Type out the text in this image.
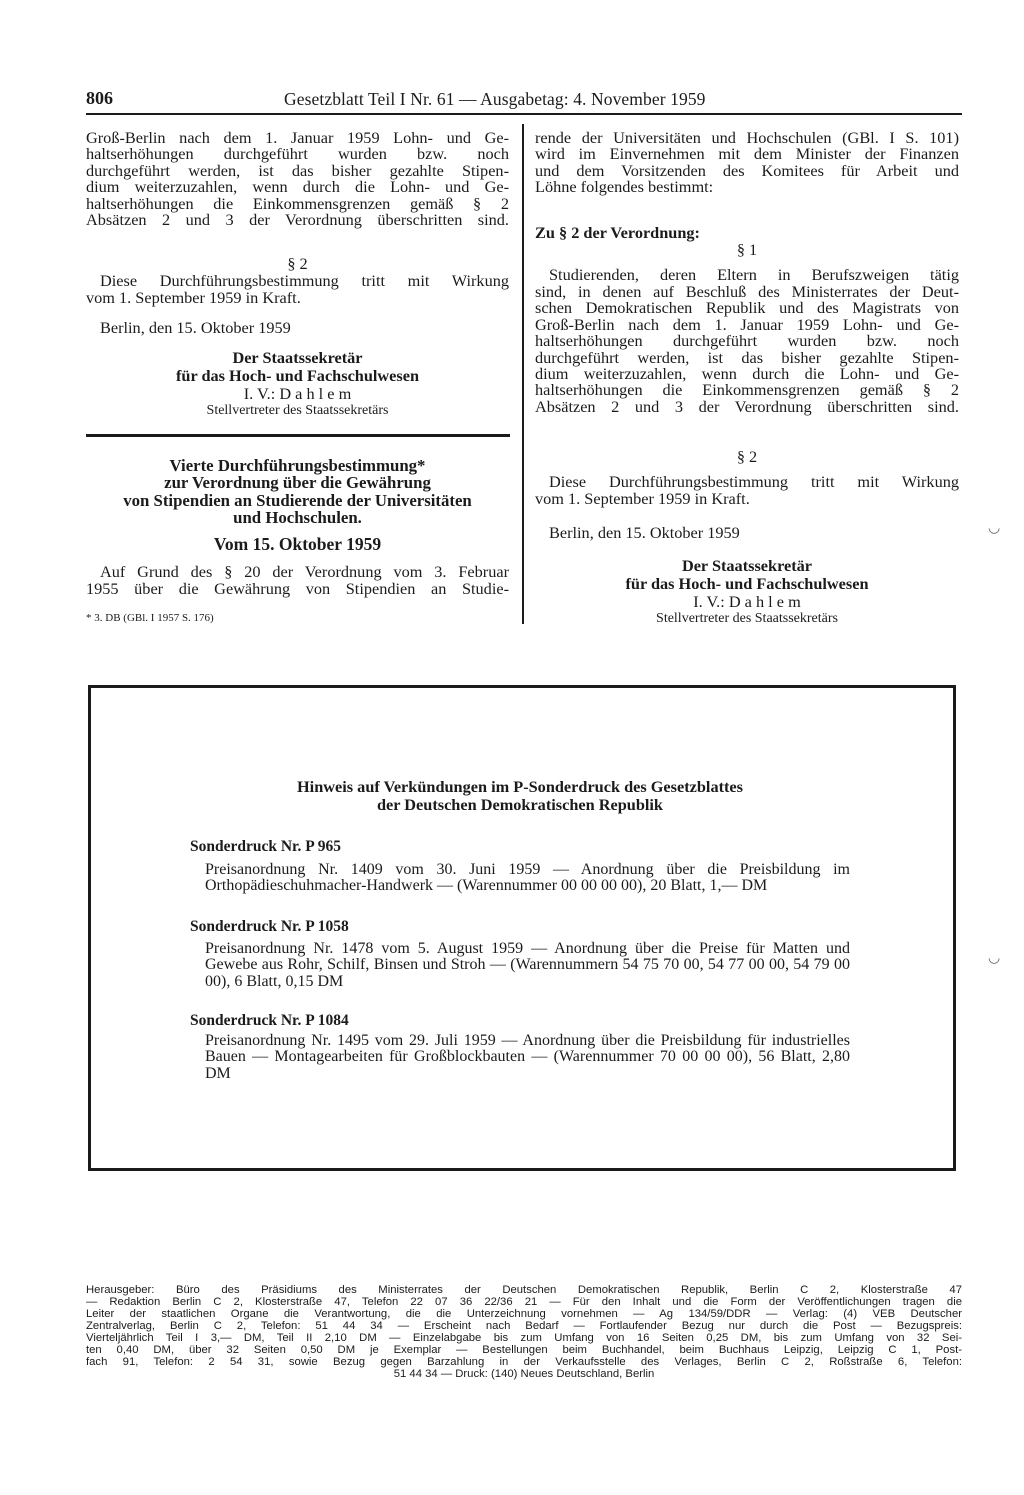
806	Gesetzblatt Teil I Nr. 61 — Ausgabetag: 4. November 1959

Groß-Berlin nach dem 1. Januar 1959 Lohn- und Ge-

haltserhöhungen durchgeführt wurden bzw. noch

durchgeführt werden, ist das bisher gezahlte Stipen-

dium weiterzuzahlen, wenn durch die Lohn- und Ge-

haltserhöhungen die Einkommensgrenzen gemäß § 2

Absätzen 2 und 3 der Verordnung überschritten sind.

§ 2

Diese Durchführungsbestimmung tritt mit Wirkung

vom 1. September 1959 in Kraft.

Berlin, den 15. Oktober 1959
Der Staatssekretär
für das Hoch- und Fachschulwesen
I. V.: D a h l e m
Stellvertreter des Staatssekretärs

Vierte Durchführungsbestimmung*

zur Verordnung über die Gewährung

von Stipendien an Studierende der Universitäten

und Hochschulen.

Vom 15. Oktober 1959

Auf Grund des § 20 der Verordnung vom 3. Februar

1955 über die Gewährung von Stipendien an Studie-

* 3. DB (GBl. I 1957 S. 176)

rende der Universitäten und Hochschulen (GBl. I S. 101)

wird im Einvernehmen mit dem Minister der Finanzen

und dem Vorsitzenden des Komitees für Arbeit und

Löhne folgendes bestimmt:

Zu § 2 der Verordnung:
§ 1

Studierenden, deren Eltern in Berufszweigen tätig

sind, in denen auf Beschluß des Ministerrates der Deut-

schen Demokratischen Republik und des Magistrats von

Groß-Berlin nach dem 1. Januar 1959 Lohn- und Ge-

haltserhöhungen durchgeführt wurden bzw. noch

durchgeführt werden, ist das bisher gezahlte Stipen-

dium weiterzuzahlen, wenn durch die Lohn- und Ge-

haltserhöhungen die Einkommensgrenzen gemäß § 2

Absätzen 2 und 3 der Verordnung überschritten sind.

§ 2

Diese Durchführungsbestimmung tritt mit Wirkung

vom 1. September 1959 in Kraft.

Berlin, den 15. Oktober 1959
Der Staatssekretär
für das Hoch- und Fachschulwesen
I. V.: D a h l e m
Stellvertreter des Staatssekretärs
◡
◡
Hinweis auf Verkündungen im P-Sonderdruck des Gesetzblattes
der Deutschen Demokratischen Republik
Sonderdruck Nr. P 965
Preisanordnung Nr. 1409 vom 30. Juni 1959 — Anordnung über die Preisbildung im Orthopädieschuhmacher-Handwerk — (Warennummer 00 00 00 00), 20 Blatt, 1,— DM
Sonderdruck Nr. P 1058
Preisanordnung Nr. 1478 vom 5. August 1959 — Anordnung über die Preise für Matten und Gewebe aus Rohr, Schilf, Binsen und Stroh — (Warennummern 54 75 70 00, 54 77 00 00, 54 79 00 00), 6 Blatt, 0,15 DM
Sonderdruck Nr. P 1084
Preisanordnung Nr. 1495 vom 29. Juli 1959 — Anordnung über die Preisbildung für industrielles Bauen — Montagearbeiten für Großblockbauten — (Warennummer 70 00 00 00), 56 Blatt, 2,80 DM
Herausgeber: Büro des Präsidiums des Ministerrates der Deutschen Demokratischen Republik, Berlin C 2, Klosterstraße 47
— Redaktion Berlin C 2, Klosterstraße 47, Telefon 22 07 36 22/36 21 — Für den Inhalt und die Form der Veröffentlichungen tragen die
Leiter der staatlichen Organe die Verantwortung, die die Unterzeichnung vornehmen — Ag 134/59/DDR — Verlag: (4) VEB Deutscher
Zentralverlag, Berlin C 2, Telefon: 51 44 34 — Erscheint nach Bedarf — Fortlaufender Bezug nur durch die Post — Bezugspreis:
Vierteljährlich Teil I 3,— DM, Teil II 2,10 DM — Einzelabgabe bis zum Umfang von 16 Seiten 0,25 DM, bis zum Umfang von 32 Sei-
ten 0,40 DM, über 32 Seiten 0,50 DM je Exemplar — Bestellungen beim Buchhandel, beim Buchhaus Leipzig, Leipzig C 1, Post-
fach 91, Telefon: 2 54 31, sowie Bezug gegen Barzahlung in der Verkaufsstelle des Verlages, Berlin C 2, Roßstraße 6, Telefon:
51 44 34 — Druck: (140) Neues Deutschland, Berlin
